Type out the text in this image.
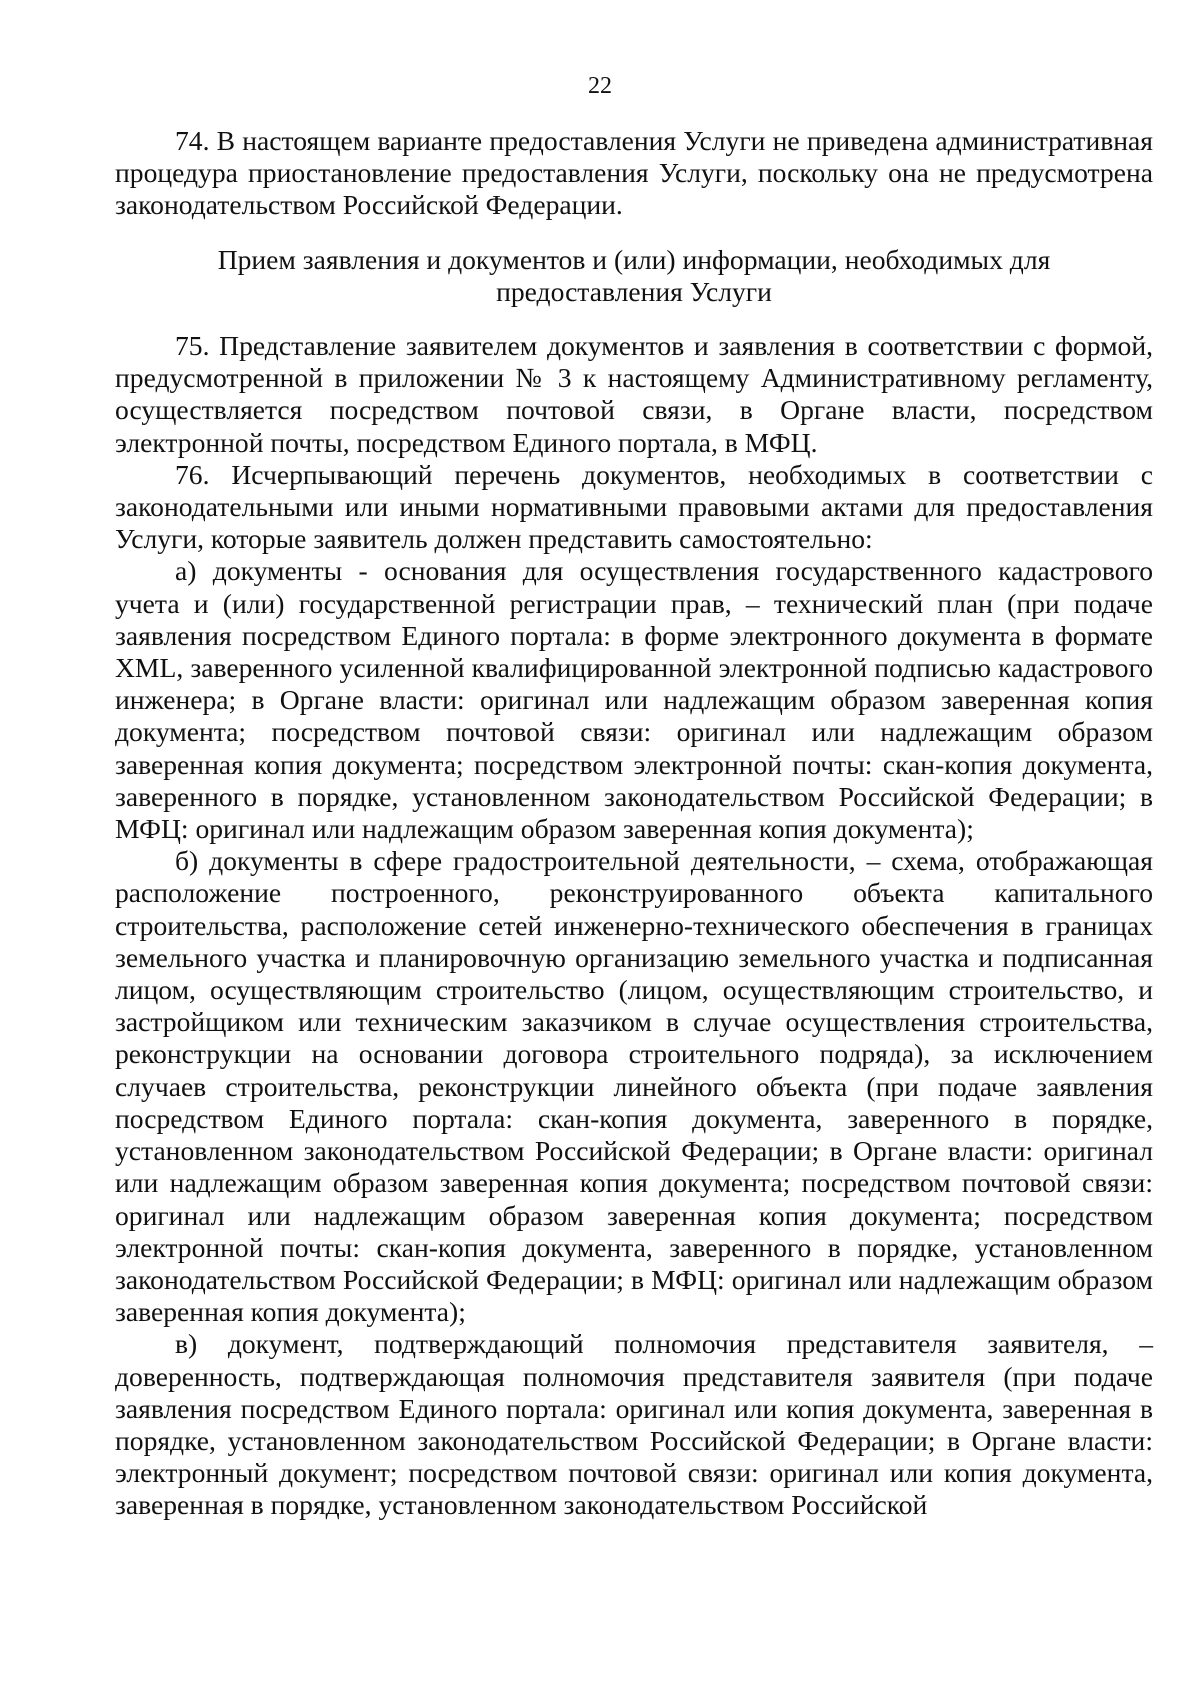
22

74. В настоящем варианте предоставления Услуги не приведена административная процедура приостановление предоставления Услуги, поскольку она не предусмотрена законодательством Российской Федерации.

Прием заявления и документов и (или) информации, необходимых для
предоставления Услуги

75. Представление заявителем документов и заявления в соответствии с формой, предусмотренной в приложении № 3 к настоящему Административному регламенту, осуществляется посредством почтовой связи, в Органе власти, посредством электронной почты, посредством Единого портала, в МФЦ.

76. Исчерпывающий перечень документов, необходимых в соответствии с законодательными или иными нормативными правовыми актами для предоставления Услуги, которые заявитель должен представить самостоятельно:

а) документы - основания для осуществления государственного кадастрового учета и (или) государственной регистрации прав, – технический план (при подаче заявления посредством Единого портала: в форме электронного документа в формате XML, заверенного усиленной квалифицированной электронной подписью кадастрового инженера; в Органе власти: оригинал или надлежащим образом заверенная копия документа; посредством почтовой связи: оригинал или надлежащим образом заверенная копия документа; посредством электронной почты: скан-копия документа, заверенного в порядке, установленном законодательством Российской Федерации; в МФЦ: оригинал или надлежащим образом заверенная копия документа);

б) документы в сфере градостроительной деятельности, – схема, отображающая расположение построенного, реконструированного объекта капитального строительства, расположение сетей инженерно-технического обеспечения в границах земельного участка и планировочную организацию земельного участка и подписанная лицом, осуществляющим строительство (лицом, осуществляющим строительство, и застройщиком или техническим заказчиком в случае осуществления строительства, реконструкции на основании договора строительного подряда), за исключением случаев строительства, реконструкции линейного объекта (при подаче заявления посредством Единого портала: скан-копия документа, заверенного в порядке, установленном законодательством Российской Федерации; в Органе власти: оригинал или надлежащим образом заверенная копия документа; посредством почтовой связи: оригинал или надлежащим образом заверенная копия документа; посредством электронной почты: скан-копия документа, заверенного в порядке, установленном законодательством Российской Федерации; в МФЦ: оригинал или надлежащим образом заверенная копия документа);

в) документ, подтверждающий полномочия представителя заявителя, – доверенность, подтверждающая полномочия представителя заявителя (при подаче заявления посредством Единого портала: оригинал или копия документа, заверенная в порядке, установленном законодательством Российской Федерации; в Органе власти: электронный документ; посредством почтовой связи: оригинал или копия документа, заверенная в порядке, установленном законодательством Российской
